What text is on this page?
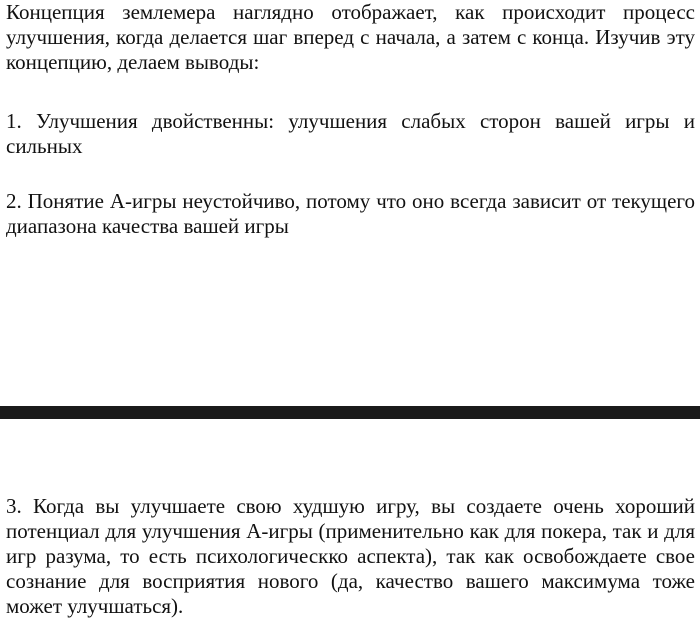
Концепция землемера наглядно отображает, как происходит процесс улучшения, когда делается шаг вперед с начала, а затем с конца. Изучив эту концепцию, делаем выводы:

1. Улучшения двойственны: улучшения слабых сторон вашей игры и сильных

2. Понятие А-игры неустойчиво, потому что оно всегда зависит от текущего диапазона качества вашей игры

3. Когда вы улучшаете свою худшую игру, вы создаете очень хороший потенциал для улучшения А-игры (применительно как для покера, так и для игр разума, то есть психологическко аспекта), так как освобождаете свое сознание для восприятия нового (да, качество вашего максимума тоже может улучшаться).
